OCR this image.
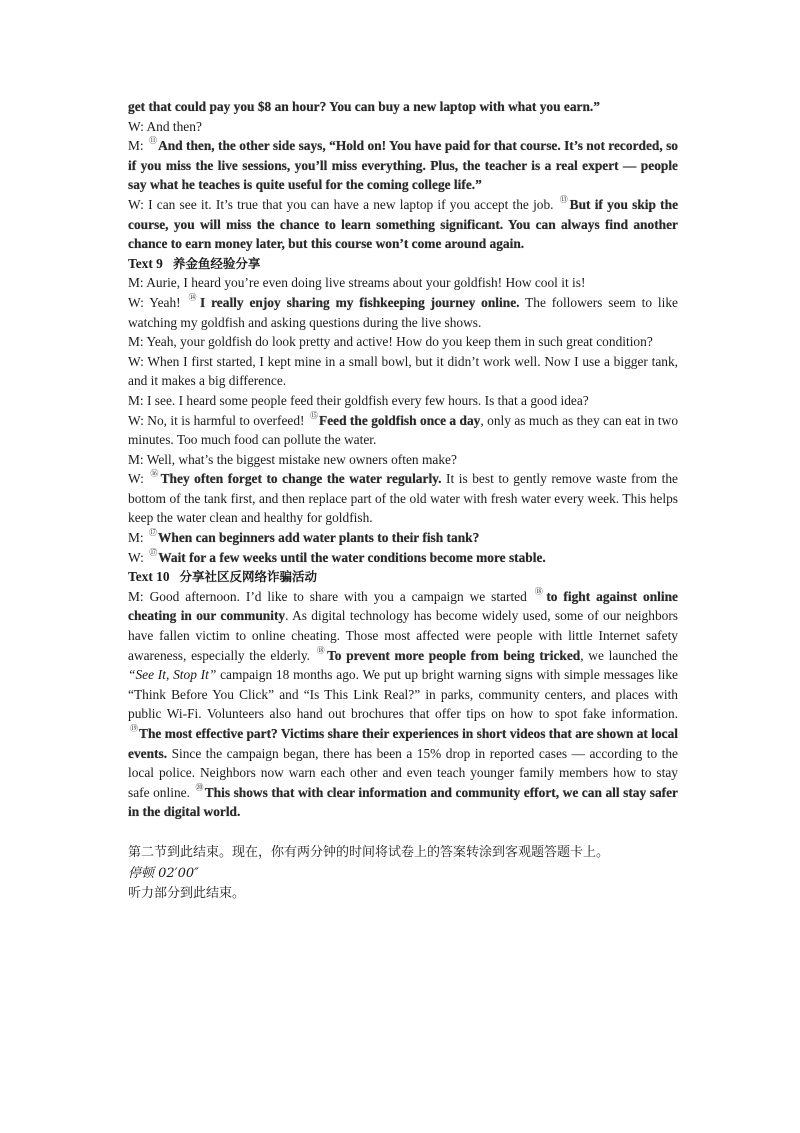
get that could pay you $8 an hour? You can buy a new laptop with what you earn.”

W: And then?

M: ⑪And then, the other side says, “Hold on! You have paid for that course. It’s not recorded, so if you miss the live sessions, you’ll miss everything. Plus, the teacher is a real expert — people say what he teaches is quite useful for the coming college life.”

W: I can see it. It’s true that you can have a new laptop if you accept the job. ⑬But if you skip the course, you will miss the chance to learn something significant. You can always find another chance to earn money later, but this course won’t come around again.

Text 9 养金鱼经验分享

M: Aurie, I heard you’re even doing live streams about your goldfish! How cool it is!

W: Yeah! ⑭I really enjoy sharing my fishkeeping journey online. The followers seem to like watching my goldfish and asking questions during the live shows.

M: Yeah, your goldfish do look pretty and active! How do you keep them in such great condition?

W: When I first started, I kept mine in a small bowl, but it didn’t work well. Now I use a bigger tank, and it makes a big difference.

M: I see. I heard some people feed their goldfish every few hours. Is that a good idea?

W: No, it is harmful to overfeed! ⑮Feed the goldfish once a day, only as much as they can eat in two minutes. Too much food can pollute the water.

M: Well, what’s the biggest mistake new owners often make?

W: ⑯They often forget to change the water regularly. It is best to gently remove waste from the bottom of the tank first, and then replace part of the old water with fresh water every week. This helps keep the water clean and healthy for goldfish.

M: ⑰When can beginners add water plants to their fish tank?

W: ⑰Wait for a few weeks until the water conditions become more stable.

Text 10 分享社区反网络诈骗活动

M: Good afternoon. I’d like to share with you a campaign we started ⑱to fight against online cheating in our community. As digital technology has become widely used, some of our neighbors have fallen victim to online cheating. Those most affected were people with little Internet safety awareness, especially the elderly. ⑱To prevent more people from being tricked, we launched the “See It, Stop It” campaign 18 months ago. We put up bright warning signs with simple messages like “Think Before You Click” and “Is This Link Real?” in parks, community centers, and places with public Wi-Fi. Volunteers also hand out brochures that offer tips on how to spot fake information. ⑲The most effective part? Victims share their experiences in short videos that are shown at local events. Since the campaign began, there has been a 15% drop in reported cases — according to the local police. Neighbors now warn each other and even teach younger family members how to stay safe online. ⑳This shows that with clear information and community effort, we can all stay safer in the digital world.

第二节到此结束。现在，你有两分钟的时间将试卷上的答案转涂到客观题答题卡上。
停顿 02′00″
听力部分到此结束。
